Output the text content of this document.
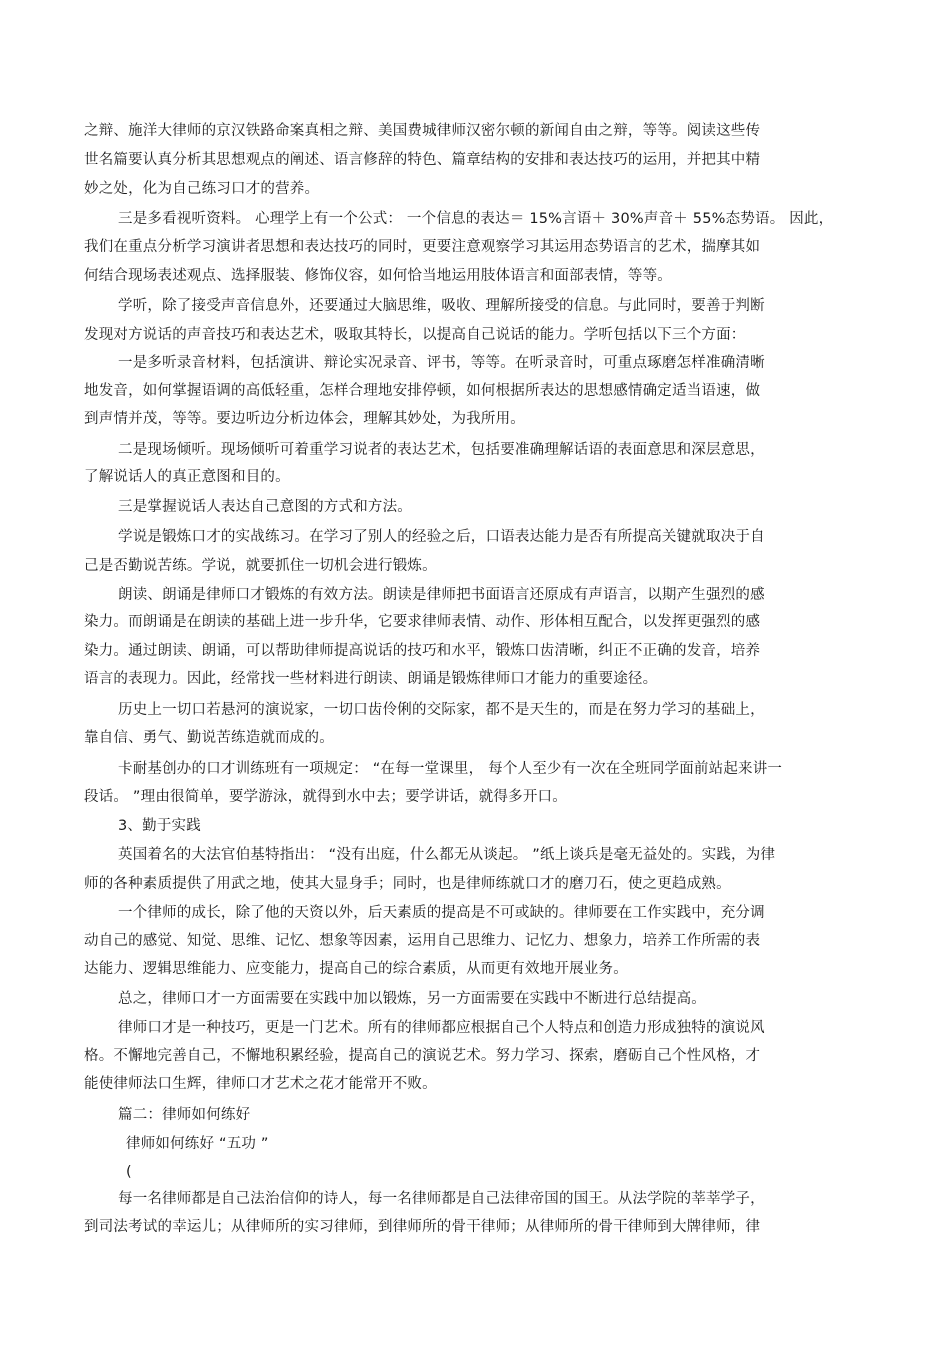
之辩、施洋大律师的京汉铁路命案真相之辩、美国费城律师汉密尔顿的新闻自由之辩，等等。阅读这些传
世名篇要认真分析其思想观点的阐述、语言修辞的特色、篇章结构的安排和表达技巧的运用，并把其中精
妙之处，化为自己练习口才的营养。
三是多看视听资料。 心理学上有一个公式： 一个信息的表达＝ 15%言语＋ 30%声音＋ 55%态势语。 因此，
我们在重点分析学习演讲者思想和表达技巧的同时，更要注意观察学习其运用态势语言的艺术，揣摩其如
何结合现场表述观点、选择服装、修饰仪容，如何恰当地运用肢体语言和面部表情，等等。
学听，除了接受声音信息外，还要通过大脑思维，吸收、理解所接受的信息。与此同时，要善于判断
发现对方说话的声音技巧和表达艺术，吸取其特长，以提高自己说话的能力。学听包括以下三个方面：
一是多听录音材料，包括演讲、辩论实况录音、评书，等等。在听录音时，可重点琢磨怎样准确清晰
地发音，如何掌握语调的高低轻重，怎样合理地安排停顿，如何根据所表达的思想感情确定适当语速，做
到声情并茂，等等。要边听边分析边体会，理解其妙处，为我所用。
二是现场倾听。现场倾听可着重学习说者的表达艺术，包括要准确理解话语的表面意思和深层意思，
了解说话人的真正意图和目的。
三是掌握说话人表达自己意图的方式和方法。
学说是锻炼口才的实战练习。在学习了别人的经验之后，口语表达能力是否有所提高关键就取决于自
己是否勤说苦练。学说，就要抓住一切机会进行锻炼。
朗读、朗诵是律师口才锻炼的有效方法。朗读是律师把书面语言还原成有声语言，以期产生强烈的感
染力。而朗诵是在朗读的基础上进一步升华，它要求律师表情、动作、形体相互配合，以发挥更强烈的感
染力。通过朗读、朗诵，可以帮助律师提高说话的技巧和水平，锻炼口齿清晰，纠正不正确的发音，培养
语言的表现力。因此，经常找一些材料进行朗读、朗诵是锻炼律师口才能力的重要途径。
历史上一切口若悬河的演说家，一切口齿伶俐的交际家，都不是天生的，而是在努力学习的基础上，
靠自信、勇气、勤说苦练造就而成的。
卡耐基创办的口才训练班有一项规定： “在每一堂课里， 每个人至少有一次在全班同学面前站起来讲一
段话。 ”理由很简单，要学游泳，就得到水中去；要学讲话，就得多开口。
3、勤于实践
英国着名的大法官伯基特指出： “没有出庭，什么都无从谈起。 ”纸上谈兵是毫无益处的。实践，为律
师的各种素质提供了用武之地，使其大显身手；同时，也是律师练就口才的磨刀石，使之更趋成熟。
一个律师的成长，除了他的天资以外，后天素质的提高是不可或缺的。律师要在工作实践中，充分调
动自己的感觉、知觉、思维、记忆、想象等因素，运用自己思维力、记忆力、想象力，培养工作所需的表
达能力、逻辑思维能力、应变能力，提高自己的综合素质，从而更有效地开展业务。
总之，律师口才一方面需要在实践中加以锻炼，另一方面需要在实践中不断进行总结提高。
律师口才是一种技巧，更是一门艺术。所有的律师都应根据自己个人特点和创造力形成独特的演说风
格。不懈地完善自己，不懈地积累经验，提高自己的演说艺术。努力学习、探索，磨砺自己个性风格，才
能使律师法口生辉，律师口才艺术之花才能常开不败。
篇二：律师如何练好
律师如何练好 “五功 ”
(
每一名律师都是自己法治信仰的诗人，每一名律师都是自己法律帝国的国王。从法学院的莘莘学子，
到司法考试的幸运儿；从律师所的实习律师，到律师所的骨干律师；从律师所的骨干律师到大牌律师，律
